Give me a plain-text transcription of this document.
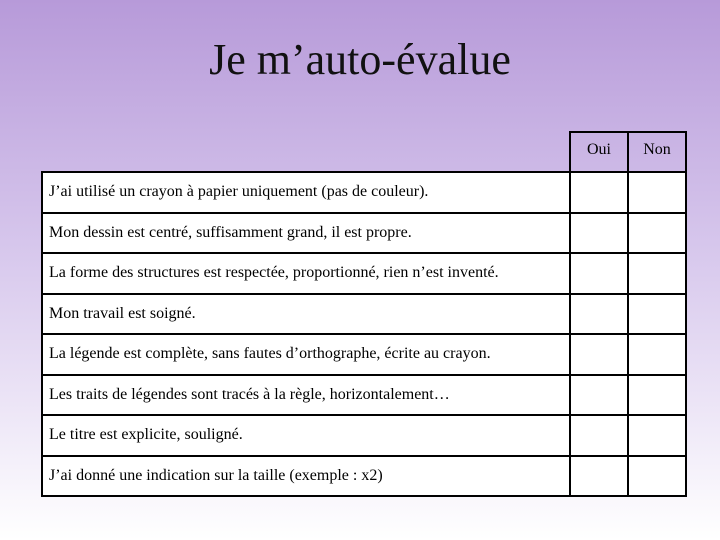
Je m’auto-évalue
	Oui	Non
J’ai utilisé un crayon à papier uniquement (pas de couleur).		
Mon dessin est centré, suffisamment grand, il est propre.		
La forme des structures est respectée, proportionné, rien n’est inventé.		
Mon travail est soigné.		
La légende est complète, sans fautes d’orthographe, écrite au crayon.		
Les traits de légendes sont tracés à la règle, horizontalement…		
Le titre est explicite, souligné.		
J’ai donné une indication sur la taille (exemple : x2)		
